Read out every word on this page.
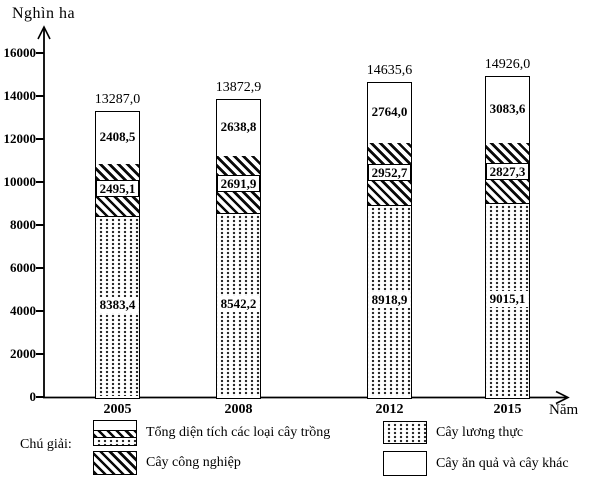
Nghìn ha
Năm
0
2000
4000
6000
8000
10000
12000
14000
16000
8383,4
2495,1
2408,5
13287,0
2005
8542,2
2691,9
2638,8
13872,9
2008
8918,9
2952,7
2764,0
14635,6
2012
9015,1
2827,3
3083,6
14926,0
2015
Chú giải:
Tổng diện tích các loại cây trồng
Cây công nghiệp
Cây lương thực
Cây ăn quả và cây khác
